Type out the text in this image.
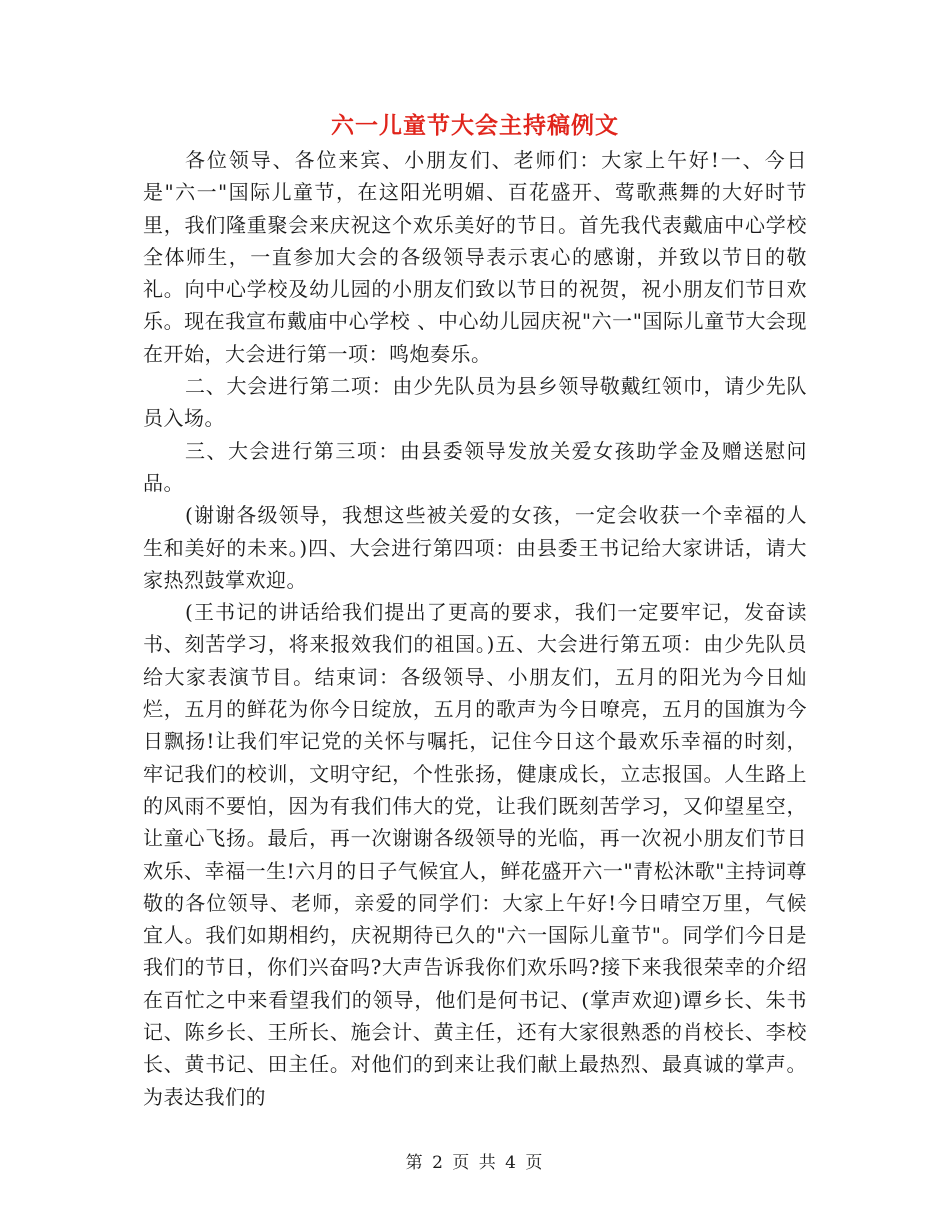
六一儿童节大会主持稿例文

各位领导、各位来宾、小朋友们、老师们：大家上午好!一、今日是"六一"国际儿童节，在这阳光明媚、百花盛开、莺歌燕舞的大好时节里，我们隆重聚会来庆祝这个欢乐美好的节日。首先我代表戴庙中心学校全体师生，一直参加大会的各级领导表示衷心的感谢，并致以节日的敬礼。向中心学校及幼儿园的小朋友们致以节日的祝贺，祝小朋友们节日欢乐。现在我宣布戴庙中心学校 、中心幼儿园庆祝"六一"国际儿童节大会现在开始，大会进行第一项：鸣炮奏乐。

二、大会进行第二项：由少先队员为县乡领导敬戴红领巾，请少先队员入场。

三、大会进行第三项：由县委领导发放关爱女孩助学金及赠送慰问品。

(谢谢各级领导，我想这些被关爱的女孩，一定会收获一个幸福的人生和美好的未来。)四、大会进行第四项：由县委王书记给大家讲话，请大家热烈鼓掌欢迎。

(王书记的讲话给我们提出了更高的要求，我们一定要牢记，发奋读书、刻苦学习，将来报效我们的祖国。)五、大会进行第五项：由少先队员给大家表演节目。结束词：各级领导、小朋友们，五月的阳光为今日灿烂，五月的鲜花为你今日绽放，五月的歌声为今日嘹亮，五月的国旗为今日飘扬!让我们牢记党的关怀与嘱托，记住今日这个最欢乐幸福的时刻，牢记我们的校训，文明守纪，个性张扬，健康成长，立志报国。人生路上的风雨不要怕，因为有我们伟大的党，让我们既刻苦学习，又仰望星空，让童心飞扬。最后，再一次谢谢各级领导的光临，再一次祝小朋友们节日欢乐、幸福一生!六月的日子气候宜人，鲜花盛开六一"青松沐歌"主持词尊敬的各位领导、老师，亲爱的同学们：大家上午好!今日晴空万里，气候宜人。我们如期相约，庆祝期待已久的"六一国际儿童节"。同学们今日是我们的节日，你们兴奋吗?大声告诉我你们欢乐吗?接下来我很荣幸的介绍在百忙之中来看望我们的领导，他们是何书记、(掌声欢迎)谭乡长、朱书记、陈乡长、王所长、施会计、黄主任，还有大家很熟悉的肖校长、李校长、黄书记、田主任。对他们的到来让我们献上最热烈、最真诚的掌声。为表达我们的

第 2 页 共 4 页
